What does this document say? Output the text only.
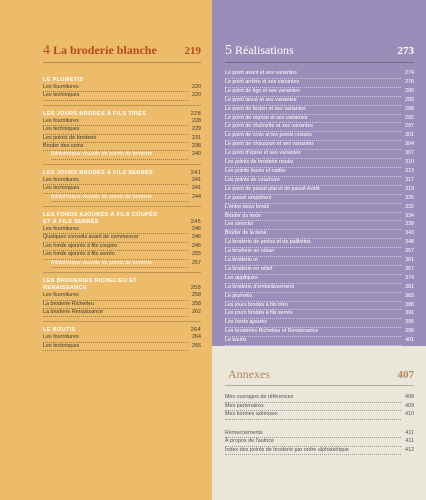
4 La broderie blanche	219
LE PLUMETIS
Les fournitures	220
Les techniques	220
LES JOURS BRODÉS À FILS TIRÉS	228
Les fournitures	228
Les techniques	229
Les points de broderie	231
Broder des coins	238
Bibliothèque visuelle de points de broderie	240
LES JOURS BRODÉS À FILS SERRÉS	241
Les fournitures	241
Les techniques	241
Bibliothèque visuelle de points de broderie	244
LES FONDS AJOURÉS À FILS COUPÉS ET À FILS SERRÉS	245
Les fournitures	246
Quelques conseils avant de commencer	246
Les fonds ajourés à fils coupés	246
Les fonds ajourés à fils serrés	255
Bibliothèque visuelle de points de broderie	257
LES BRODERIES RICHELIEU ET RENAISSANCE	258
Les fournitures	258
La broderie Richelieu	258
La broderie Renaissance	262
LE BOUTIS	264
Les fournitures	264
Les techniques	266
5 Réalisations	273
Le point avant et ses variantes	274
Le point arrière et ses variantes	276
Le point de tige et ses variantes	280
Le point lancé et ses variantes	283
Le point de feston et ses variantes	288
Le point de reprise et ses variantes	292
Le point de chaînette et ses variantes	297
Le point de croix et les points croisés	301
Le point de chausson et ses variantes	304
Le point d'épine et ses variantes	307
Les points de broderie noués	310
Les points tissés et nattés	313
Les points de couchure	317
Le point de passé plat et de passé évidé	319
Le passé empiétant	325
L'entre-deux brodé	332
Broder du texte	334
Les smocks	338
Broder de la laine	343
La broderie de perles et de paillettes	348
La broderie au ruban	357
La broderie or	361
La broderie en relief	367
Les appliqués	374
La broderie d'embellissement	381
Le plumetis	383
Les jours brodés à fils tirés	388
Les jours brodés à fils serrés	391
Les fonds ajourés	395
Les broderies Richelieu et Renaissance	399
Le boutis	401
Annexes	407
Mes ouvrages de références	408
Mes partenaires	409
Mes bonnes adresses	410
Remerciements	411
À propos de l'autrice	411
Index des points de broderie par ordre alphabétique	412
